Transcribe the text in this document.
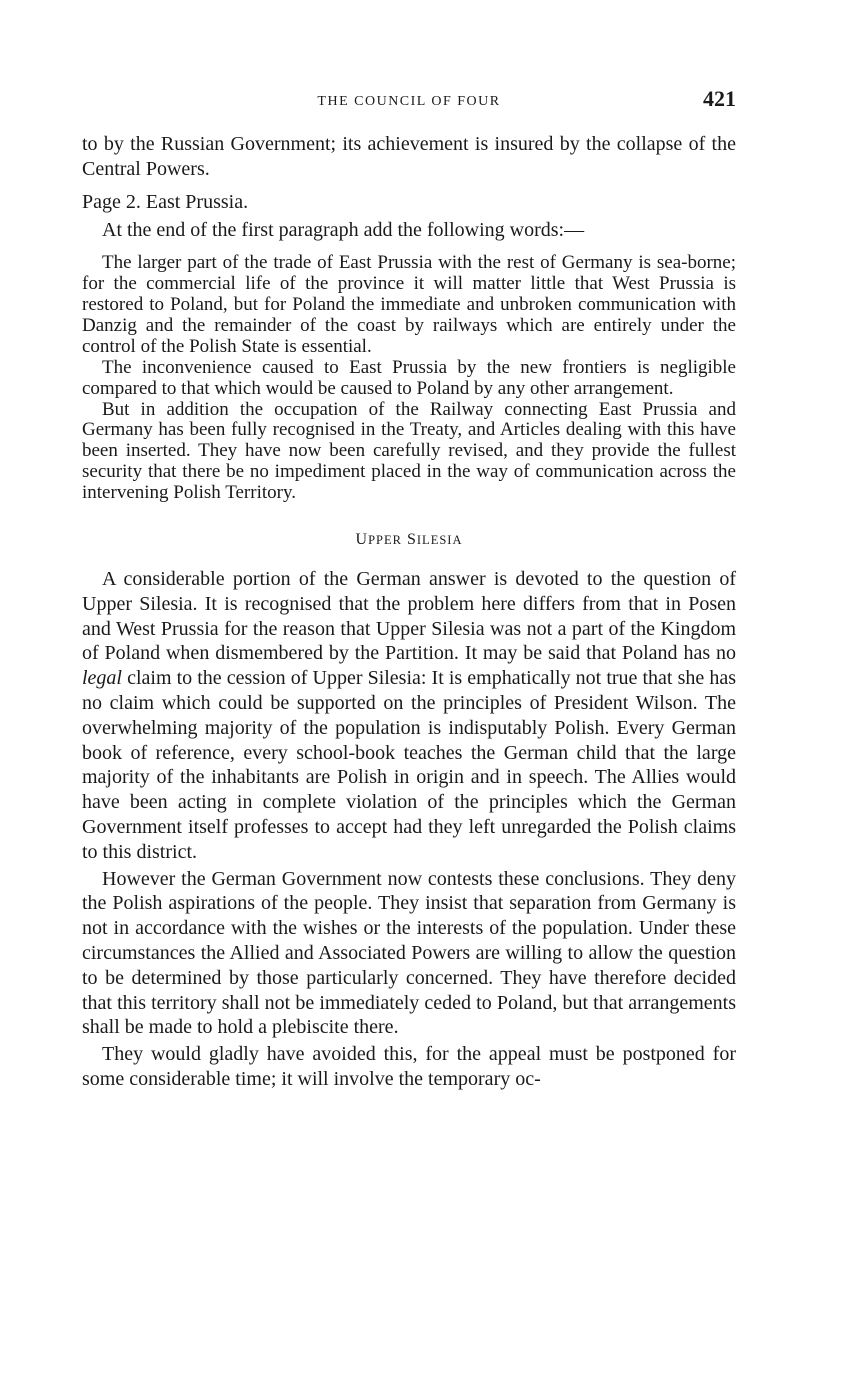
THE COUNCIL OF FOUR	421

to by the Russian Government; its achievement is insured by the collapse of the Central Powers.

Page 2. East Prussia.

At the end of the first paragraph add the following words:—

The larger part of the trade of East Prussia with the rest of Germany is sea-borne; for the commercial life of the province it will matter little that West Prussia is restored to Poland, but for Poland the immediate and unbroken communication with Danzig and the remainder of the coast by railways which are entirely under the control of the Polish State is essential.

The inconvenience caused to East Prussia by the new frontiers is negligible compared to that which would be caused to Poland by any other arrangement.

But in addition the occupation of the Railway connecting East Prussia and Germany has been fully recognised in the Treaty, and Articles dealing with this have been inserted. They have now been carefully revised, and they provide the fullest security that there be no impediment placed in the way of communication across the intervening Polish Territory.

UPPER SILESIA

A considerable portion of the German answer is devoted to the question of Upper Silesia. It is recognised that the problem here differs from that in Posen and West Prussia for the reason that Upper Silesia was not a part of the Kingdom of Poland when dismembered by the Partition. It may be said that Poland has no legal claim to the cession of Upper Silesia: It is emphatically not true that she has no claim which could be supported on the principles of President Wilson. The overwhelming majority of the population is indisputably Polish. Every German book of reference, every school-book teaches the German child that the large majority of the inhabitants are Polish in origin and in speech. The Allies would have been acting in complete violation of the principles which the German Government itself professes to accept had they left unregarded the Polish claims to this district.

However the German Government now contests these conclusions. They deny the Polish aspirations of the people. They insist that separation from Germany is not in accordance with the wishes or the interests of the population. Under these circumstances the Allied and Associated Powers are willing to allow the question to be determined by those particularly concerned. They have therefore decided that this territory shall not be immediately ceded to Poland, but that arrangements shall be made to hold a plebiscite there.

They would gladly have avoided this, for the appeal must be postponed for some considerable time; it will involve the temporary oc-
